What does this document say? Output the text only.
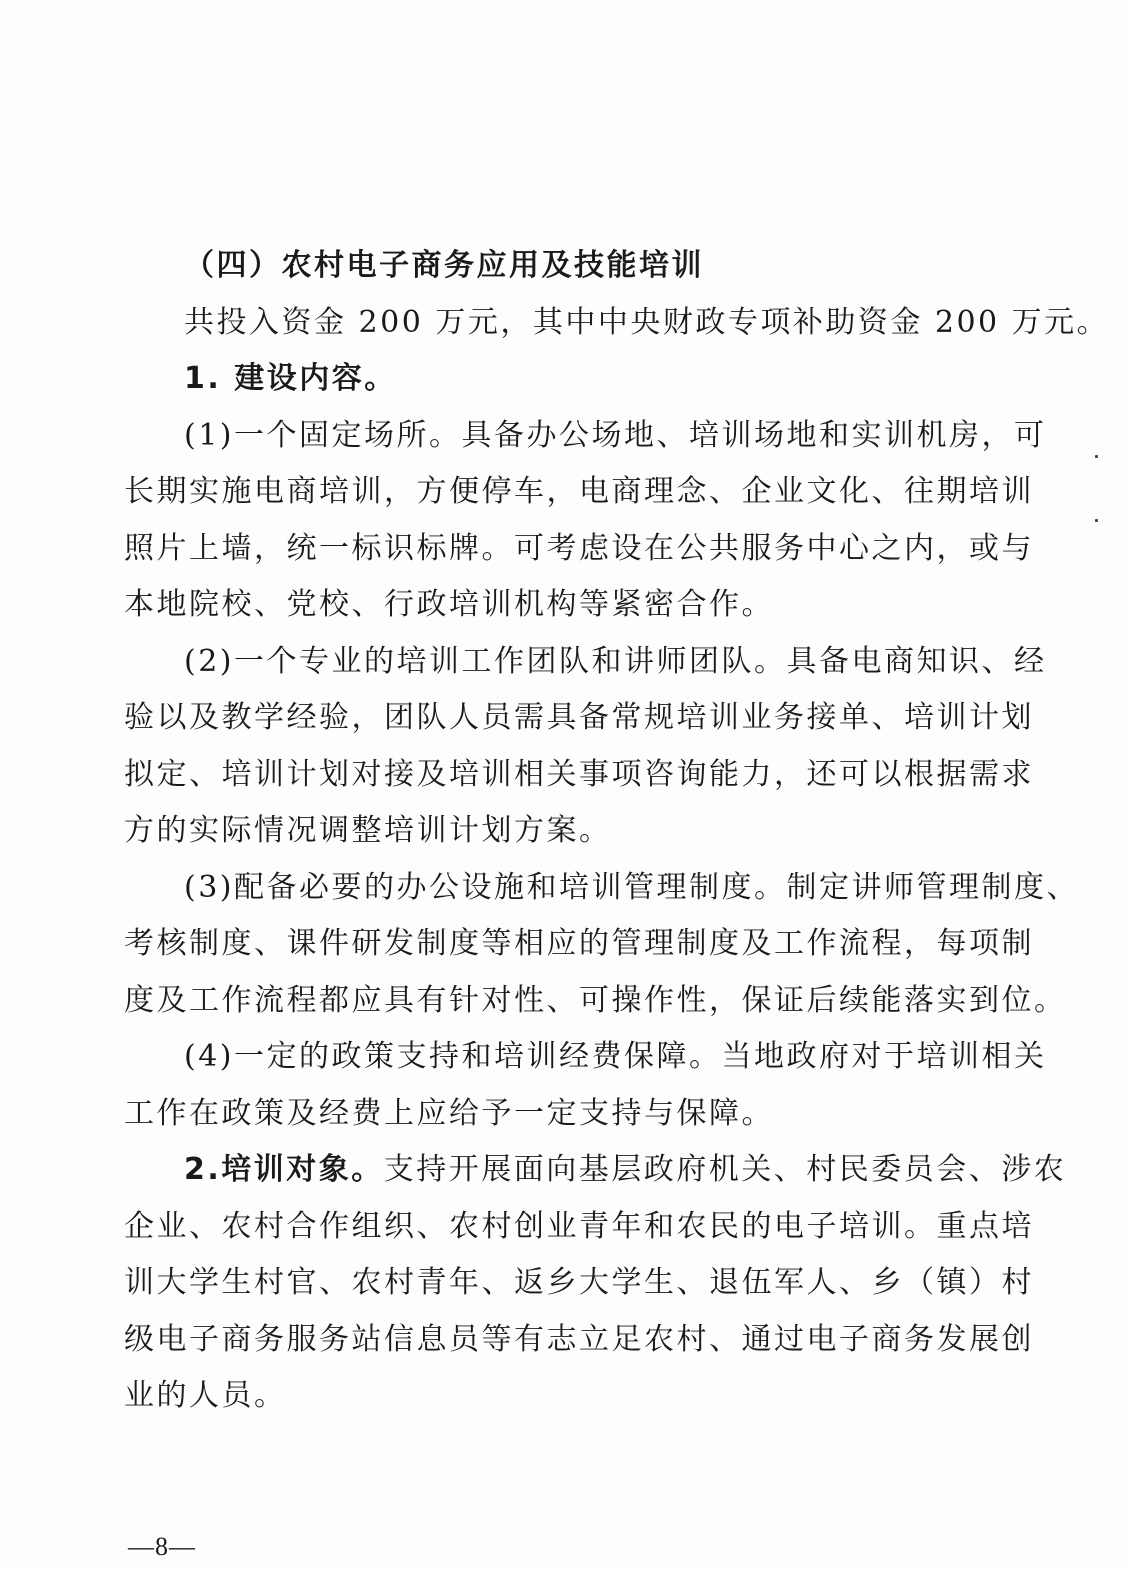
（四）农村电子商务应用及技能培训
共投入资金 200 万元，其中中央财政专项补助资金 200 万元。
1. 建设内容。
(1)一个固定场所。具备办公场地、培训场地和实训机房，可
长期实施电商培训，方便停车，电商理念、企业文化、往期培训
照片上墙，统一标识标牌。可考虑设在公共服务中心之内，或与
本地院校、党校、行政培训机构等紧密合作。
(2)一个专业的培训工作团队和讲师团队。具备电商知识、经
验以及教学经验，团队人员需具备常规培训业务接单、培训计划
拟定、培训计划对接及培训相关事项咨询能力，还可以根据需求
方的实际情况调整培训计划方案。
(3)配备必要的办公设施和培训管理制度。制定讲师管理制度、
考核制度、课件研发制度等相应的管理制度及工作流程，每项制
度及工作流程都应具有针对性、可操作性，保证后续能落实到位。
(4)一定的政策支持和培训经费保障。当地政府对于培训相关
工作在政策及经费上应给予一定支持与保障。
2.培训对象。支持开展面向基层政府机关、村民委员会、涉农
企业、农村合作组织、农村创业青年和农民的电子培训。重点培
训大学生村官、农村青年、返乡大学生、退伍军人、乡（镇）村
级电子商务服务站信息员等有志立足农村、通过电子商务发展创
业的人员。
—8—
